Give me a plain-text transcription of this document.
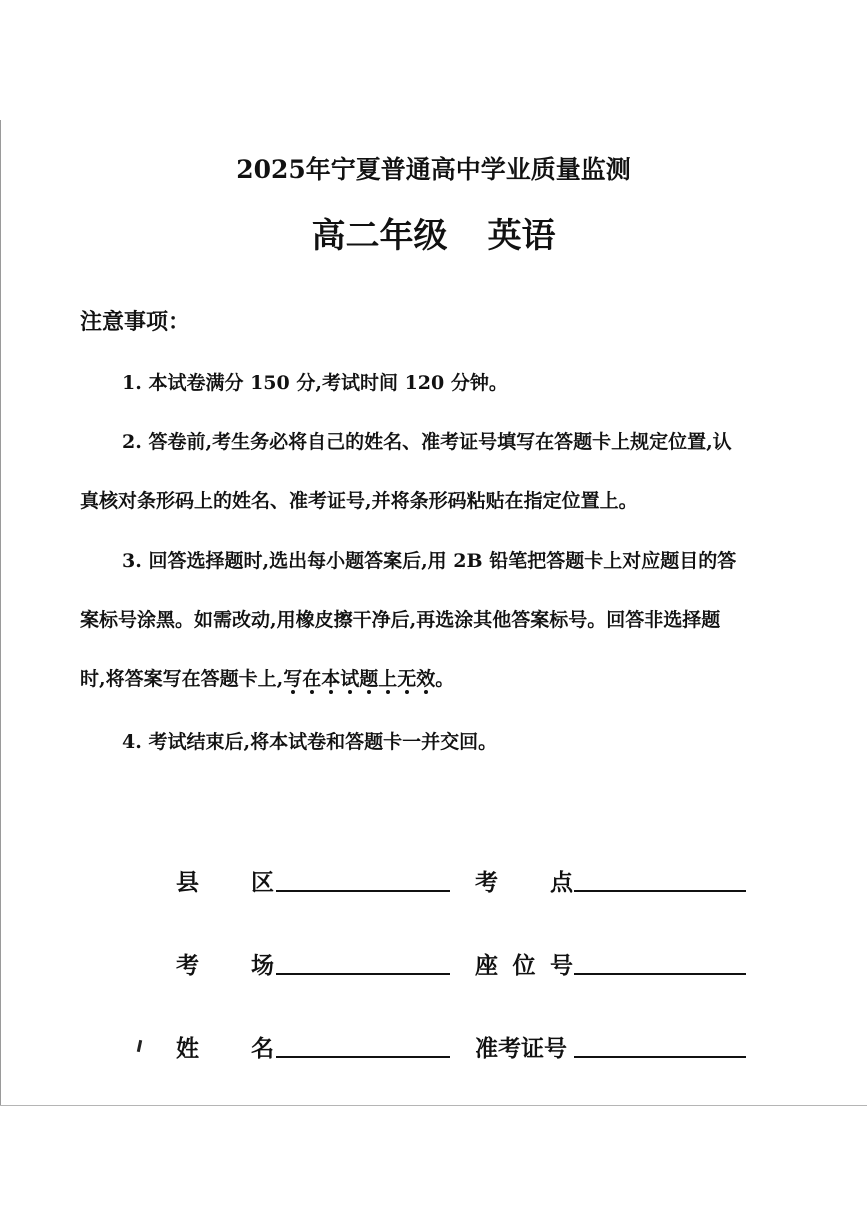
2025年宁夏普通高中学业质量监测
高二年级 英语
注意事项：
1. 本试卷满分 150 分,考试时间 120 分钟。
2. 答卷前,考生务必将自己的姓名、准考证号填写在答题卡上规定位置,认
真核对条形码上的姓名、准考证号,并将条形码粘贴在指定位置上。
3. 回答选择题时,选出每小题答案后,用 2B 铅笔把答题卡上对应题目的答
案标号涂黑。如需改动,用橡皮擦干净后,再选涂其他答案标号。回答非选择题
时,将答案写在答题卡上,写在本试题上无效
。
4. 考试结束后,将本试卷和答题卡一并交回。
县 区	考 点
考 场	座 位 号
姓 名	准考证号
